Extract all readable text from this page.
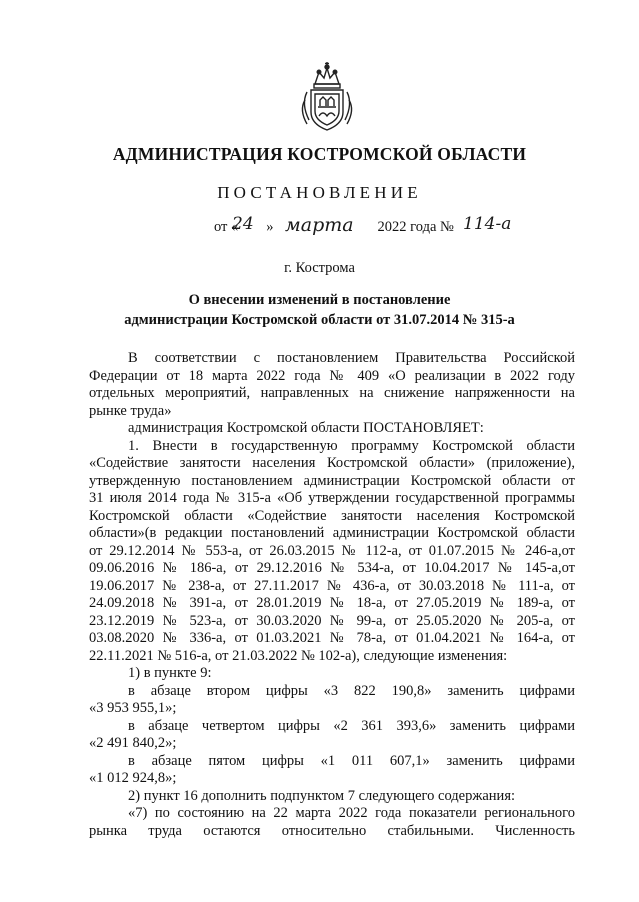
АДМИНИСТРАЦИЯ КОСТРОМСКОЙ ОБЛАСТИ
ПОСТАНОВЛЕНИЕ
от « »	2022 года №
24 марта	114-а
г. Кострома
О внесении изменений в постановление
администрации Костромской области от 31.07.2014 № 315-а
В соответствии с постановлением Правительства Российской
Федерации от 18 марта 2022 года № 409 «О реализации в 2022 году
отдельных мероприятий, направленных на снижение напряженности на
рынке труда»
администрация Костромской области ПОСТАНОВЛЯЕТ:
1. Внести в государственную программу Костромской области
«Содействие занятости населения Костромской области» (приложение),
утвержденную постановлением администрации Костромской области от
31 июля 2014 года № 315-а «Об утверждении государственной программы
Костромской области «Содействие занятости населения Костромской
области»(в редакции постановлений администрации Костромской области
от 29.12.2014 № 553-а, от 26.03.2015 № 112-а, от 01.07.2015 № 246-а,от
09.06.2016 № 186-а, от 29.12.2016 № 534-а, от 10.04.2017 № 145-а,от
19.06.2017 № 238-а, от 27.11.2017 № 436-а, от 30.03.2018 № 111-а, от
24.09.2018 № 391-а, от 28.01.2019 № 18-а, от 27.05.2019 № 189-а, от
23.12.2019 № 523-а, от 30.03.2020 № 99-а, от 25.05.2020 № 205-а, от
03.08.2020 № 336-а, от 01.03.2021 № 78-а, от 01.04.2021 № 164-а, от
22.11.2021 № 516-а, от 21.03.2022 № 102-а), следующие изменения:
1) в пункте 9:
в абзаце втором цифры «3 822 190,8» заменить цифрами
«3 953 955,1»;
в абзаце четвертом цифры «2 361 393,6» заменить цифрами
«2 491 840,2»;
в абзаце пятом цифры «1 011 607,1» заменить цифрами
«1 012 924,8»;
2) пункт 16 дополнить подпунктом 7 следующего содержания:
«7) по состоянию на 22 марта 2022 года показатели регионального
рынка труда остаются относительно стабильными. Численность
